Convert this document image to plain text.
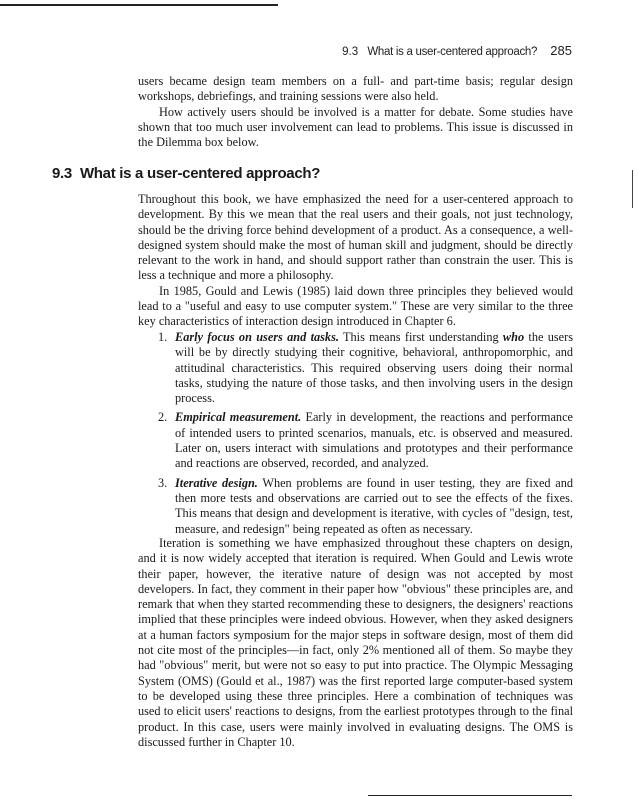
9.3 What is a user-centered approach? 285

users became design team members on a full- and part-time basis; regular design workshops, debriefings, and training sessions were also held.

How actively users should be involved is a matter for debate. Some studies have shown that too much user involvement can lead to problems. This issue is discussed in the Dilemma box below.

9.3 What is a user-centered approach?

Throughout this book, we have emphasized the need for a user-centered approach to development. By this we mean that the real users and their goals, not just technology, should be the driving force behind development of a product. As a consequence, a well-designed system should make the most of human skill and judgment, should be directly relevant to the work in hand, and should support rather than constrain the user. This is less a technique and more a philosophy.

In 1985, Gould and Lewis (1985) laid down three principles they believed would lead to a "useful and easy to use computer system." These are very similar to the three key characteristics of interaction design introduced in Chapter 6.

1. Early focus on users and tasks. This means first understanding who the users will be by directly studying their cognitive, behavioral, anthropomorphic, and attitudinal characteristics. This required observing users doing their normal tasks, studying the nature of those tasks, and then involving users in the design process.
2. Empirical measurement. Early in development, the reactions and performance of intended users to printed scenarios, manuals, etc. is observed and measured. Later on, users interact with simulations and prototypes and their performance and reactions are observed, recorded, and analyzed.
3. Iterative design. When problems are found in user testing, they are fixed and then more tests and observations are carried out to see the effects of the fixes. This means that design and development is iterative, with cycles of "design, test, measure, and redesign" being repeated as often as necessary.

Iteration is something we have emphasized throughout these chapters on design, and it is now widely accepted that iteration is required. When Gould and Lewis wrote their paper, however, the iterative nature of design was not accepted by most developers. In fact, they comment in their paper how "obvious" these principles are, and remark that when they started recommending these to designers, the designers' reactions implied that these principles were indeed obvious. However, when they asked designers at a human factors symposium for the major steps in software design, most of them did not cite most of the principles—in fact, only 2% mentioned all of them. So maybe they had "obvious" merit, but were not so easy to put into practice. The Olympic Messaging System (OMS) (Gould et al., 1987) was the first reported large computer-based system to be developed using these three principles. Here a combination of techniques was used to elicit users' reactions to designs, from the earliest prototypes through to the final product. In this case, users were mainly involved in evaluating designs. The OMS is discussed further in Chapter 10.
